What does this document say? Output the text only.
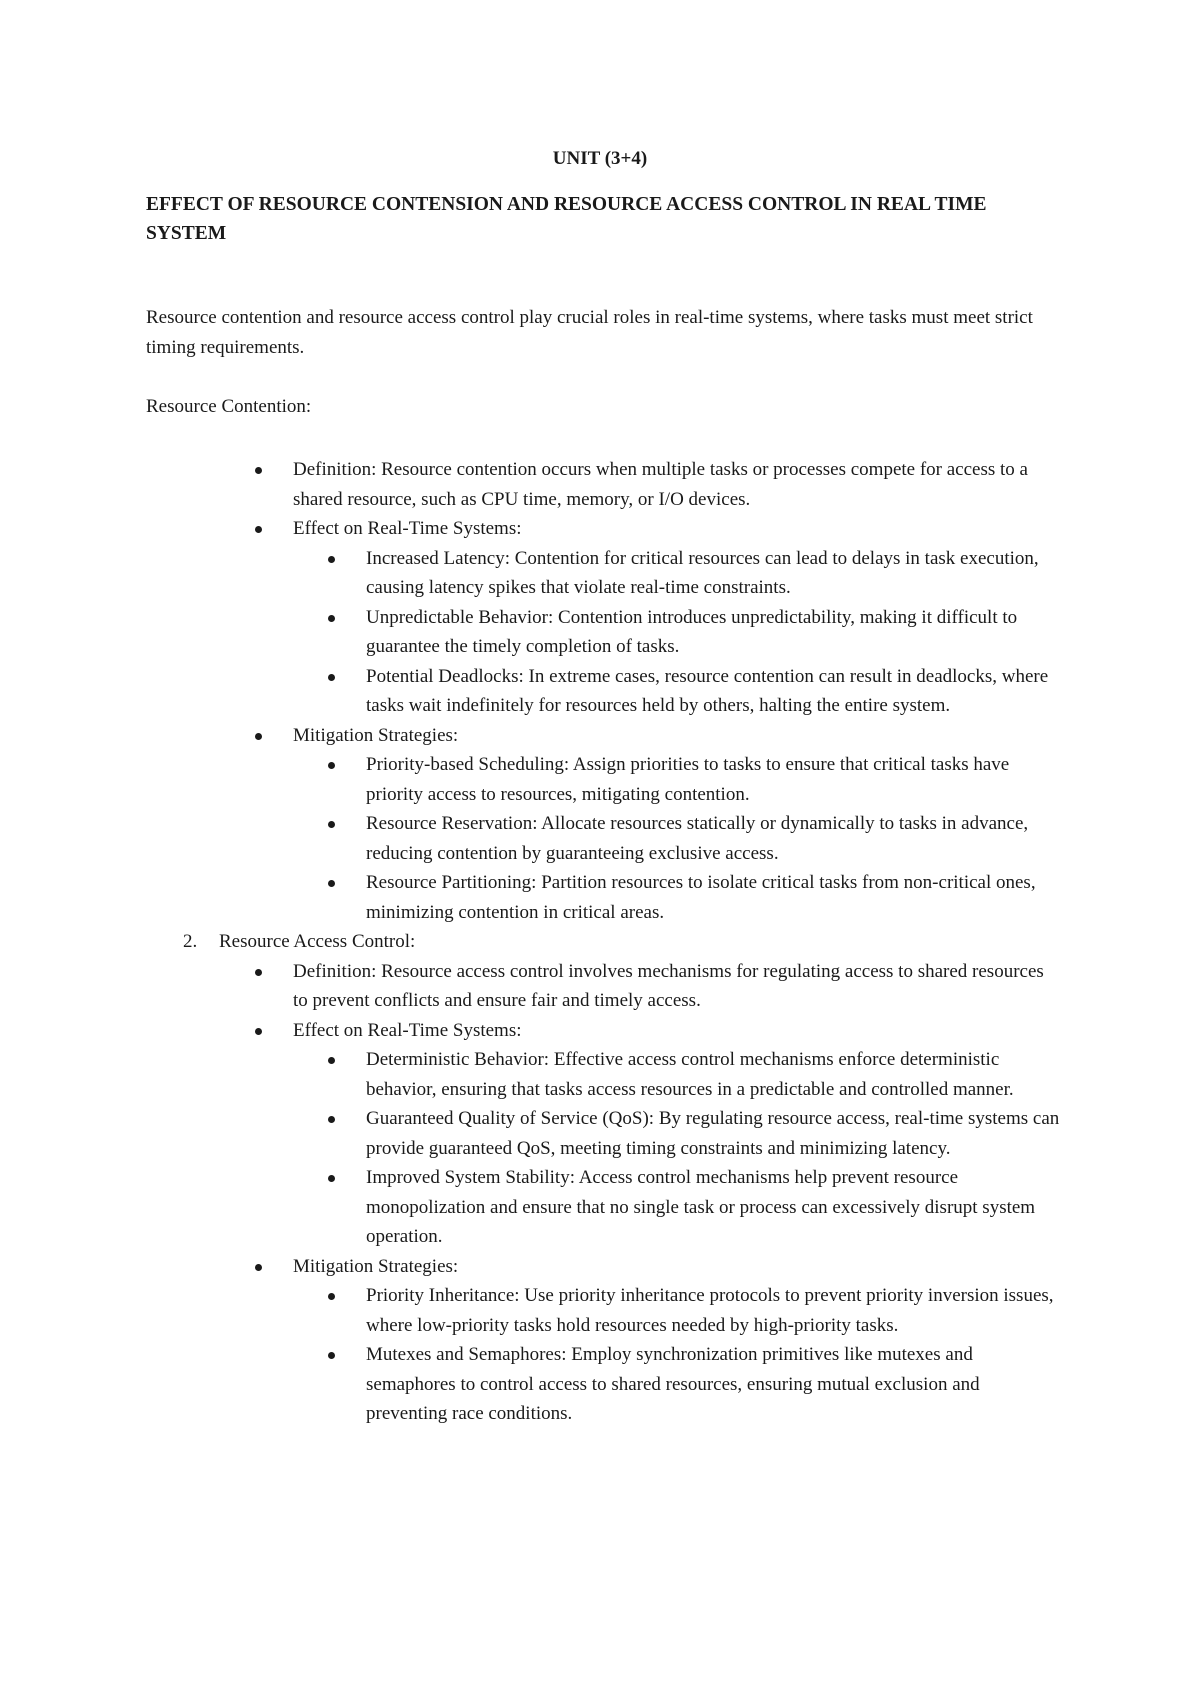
UNIT (3+4)
EFFECT OF RESOURCE CONTENSION AND RESOURCE ACCESS CONTROL IN REAL TIME SYSTEM

Resource contention and resource access control play crucial roles in real-time systems, where tasks must meet strict timing requirements.

Resource Contention:

Definition: Resource contention occurs when multiple tasks or processes compete for access to a shared resource, such as CPU time, memory, or I/O devices.
Effect on Real-Time Systems:
Increased Latency: Contention for critical resources can lead to delays in task execution, causing latency spikes that violate real-time constraints.
Unpredictable Behavior: Contention introduces unpredictability, making it difficult to guarantee the timely completion of tasks.
Potential Deadlocks: In extreme cases, resource contention can result in deadlocks, where tasks wait indefinitely for resources held by others, halting the entire system.
Mitigation Strategies:
Priority-based Scheduling: Assign priorities to tasks to ensure that critical tasks have priority access to resources, mitigating contention.
Resource Reservation: Allocate resources statically or dynamically to tasks in advance, reducing contention by guaranteeing exclusive access.
Resource Partitioning: Partition resources to isolate critical tasks from non-critical ones, minimizing contention in critical areas.
2. Resource Access Control:
Definition: Resource access control involves mechanisms for regulating access to shared resources to prevent conflicts and ensure fair and timely access.
Effect on Real-Time Systems:
Deterministic Behavior: Effective access control mechanisms enforce deterministic behavior, ensuring that tasks access resources in a predictable and controlled manner.
Guaranteed Quality of Service (QoS): By regulating resource access, real-time systems can provide guaranteed QoS, meeting timing constraints and minimizing latency.
Improved System Stability: Access control mechanisms help prevent resource monopolization and ensure that no single task or process can excessively disrupt system operation.
Mitigation Strategies:
Priority Inheritance: Use priority inheritance protocols to prevent priority inversion issues, where low-priority tasks hold resources needed by high-priority tasks.
Mutexes and Semaphores: Employ synchronization primitives like mutexes and semaphores to control access to shared resources, ensuring mutual exclusion and preventing race conditions.
